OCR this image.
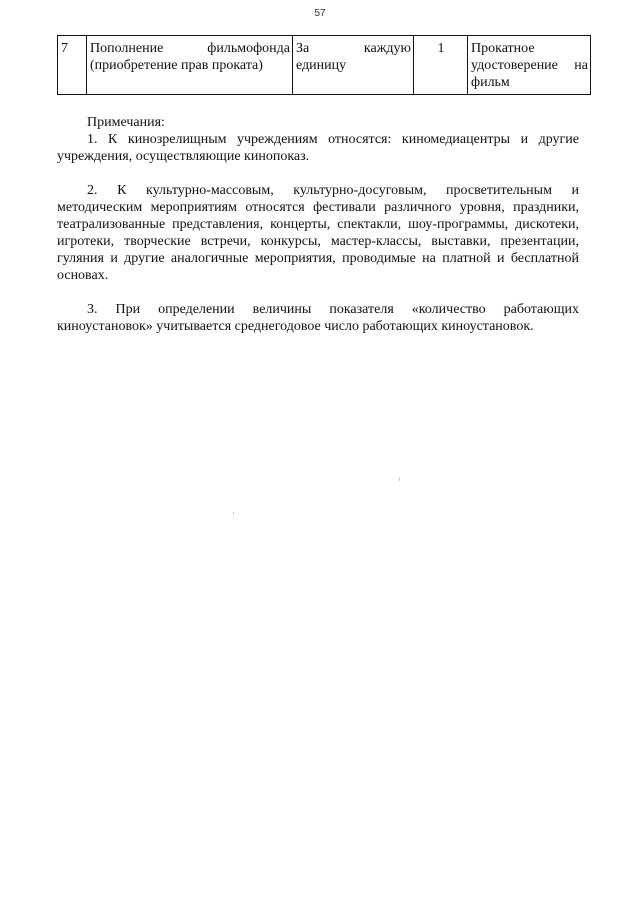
57
7	Пополнение фильмофонда (приобретение прав проката)	За каждую единицу	1	Прокатное удостоверение на фильм

Примечания:

1. К кинозрелищным учреждениям относятся: киномедиацентры и другие учреждения, осуществляющие кинопоказ.

2. К культурно-массовым, культурно-досуговым, просветительным и методическим мероприятиям относятся фестивали различного уровня, праздники, театрализованные представления, концерты, спектакли, шоу-программы, дискотеки, игротеки, творческие встречи, конкурсы, мастер-классы, выставки, презентации, гуляния и другие аналогичные мероприятия, проводимые на платной и бесплатной основах.

3. При определении величины показателя «количество работающих киноустановок» учитывается среднегодовое число работающих киноустановок.
